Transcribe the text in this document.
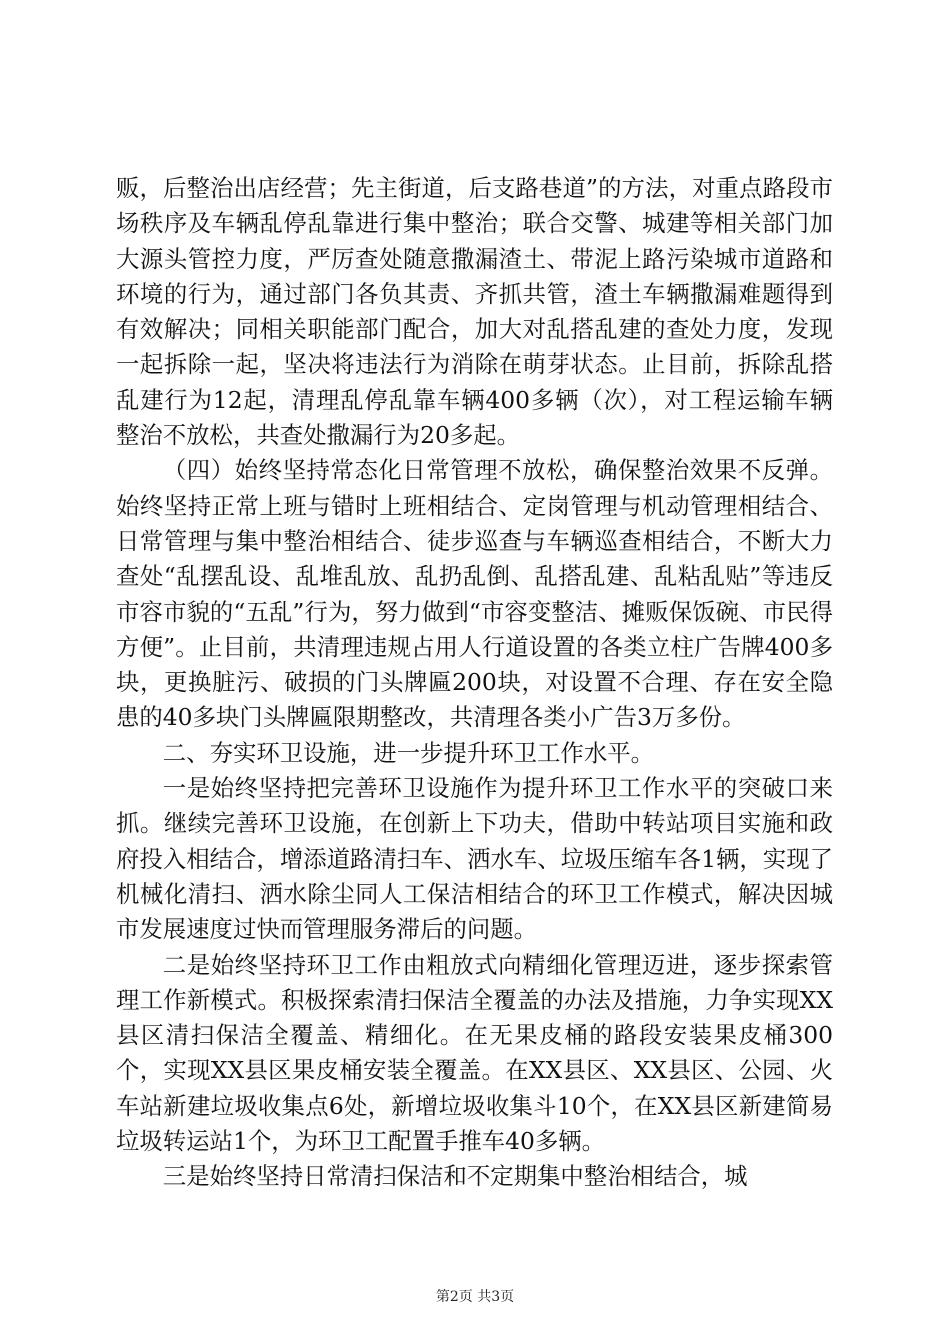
贩，后整治出店经营；先主街道，后支路巷道”的方法，对重点路段市场秩序及车辆乱停乱靠进行集中整治；联合交警、城建等相关部门加大源头管控力度，严厉查处随意撒漏渣土、带泥上路污染城市道路和环境的行为，通过部门各负其责、齐抓共管，渣土车辆撒漏难题得到有效解决；同相关职能部门配合，加大对乱搭乱建的查处力度，发现一起拆除一起，坚决将违法行为消除在萌芽状态。止目前，拆除乱搭乱建行为12起，清理乱停乱靠车辆400多辆（次），对工程运输车辆整治不放松，共查处撒漏行为20多起。

（四）始终坚持常态化日常管理不放松，确保整治效果不反弹。始终坚持正常上班与错时上班相结合、定岗管理与机动管理相结合、日常管理与集中整治相结合、徒步巡查与车辆巡查相结合，不断大力查处“乱摆乱设、乱堆乱放、乱扔乱倒、乱搭乱建、乱粘乱贴”等违反市容市貌的“五乱”行为，努力做到“市容变整洁、摊贩保饭碗、市民得方便”。止目前，共清理违规占用人行道设置的各类立柱广告牌400多块，更换脏污、破损的门头牌匾200块，对设置不合理、存在安全隐患的40多块门头牌匾限期整改，共清理各类小广告3万多份。

二、夯实环卫设施，进一步提升环卫工作水平。

一是始终坚持把完善环卫设施作为提升环卫工作水平的突破口来抓。继续完善环卫设施，在创新上下功夫，借助中转站项目实施和政府投入相结合，增添道路清扫车、洒水车、垃圾压缩车各1辆，实现了机械化清扫、洒水除尘同人工保洁相结合的环卫工作模式，解决因城市发展速度过快而管理服务滞后的问题。

二是始终坚持环卫工作由粗放式向精细化管理迈进，逐步探索管理工作新模式。积极探索清扫保洁全覆盖的办法及措施，力争实现XX县区清扫保洁全覆盖、精细化。在无果皮桶的路段安装果皮桶300个，实现XX县区果皮桶安装全覆盖。在XX县区、XX县区、公园、火车站新建垃圾收集点6处，新增垃圾收集斗10个，在XX县区新建简易垃圾转运站1个，为环卫工配置手推车40多辆。

三是始终坚持日常清扫保洁和不定期集中整治相结合，城

第2页 共3页
